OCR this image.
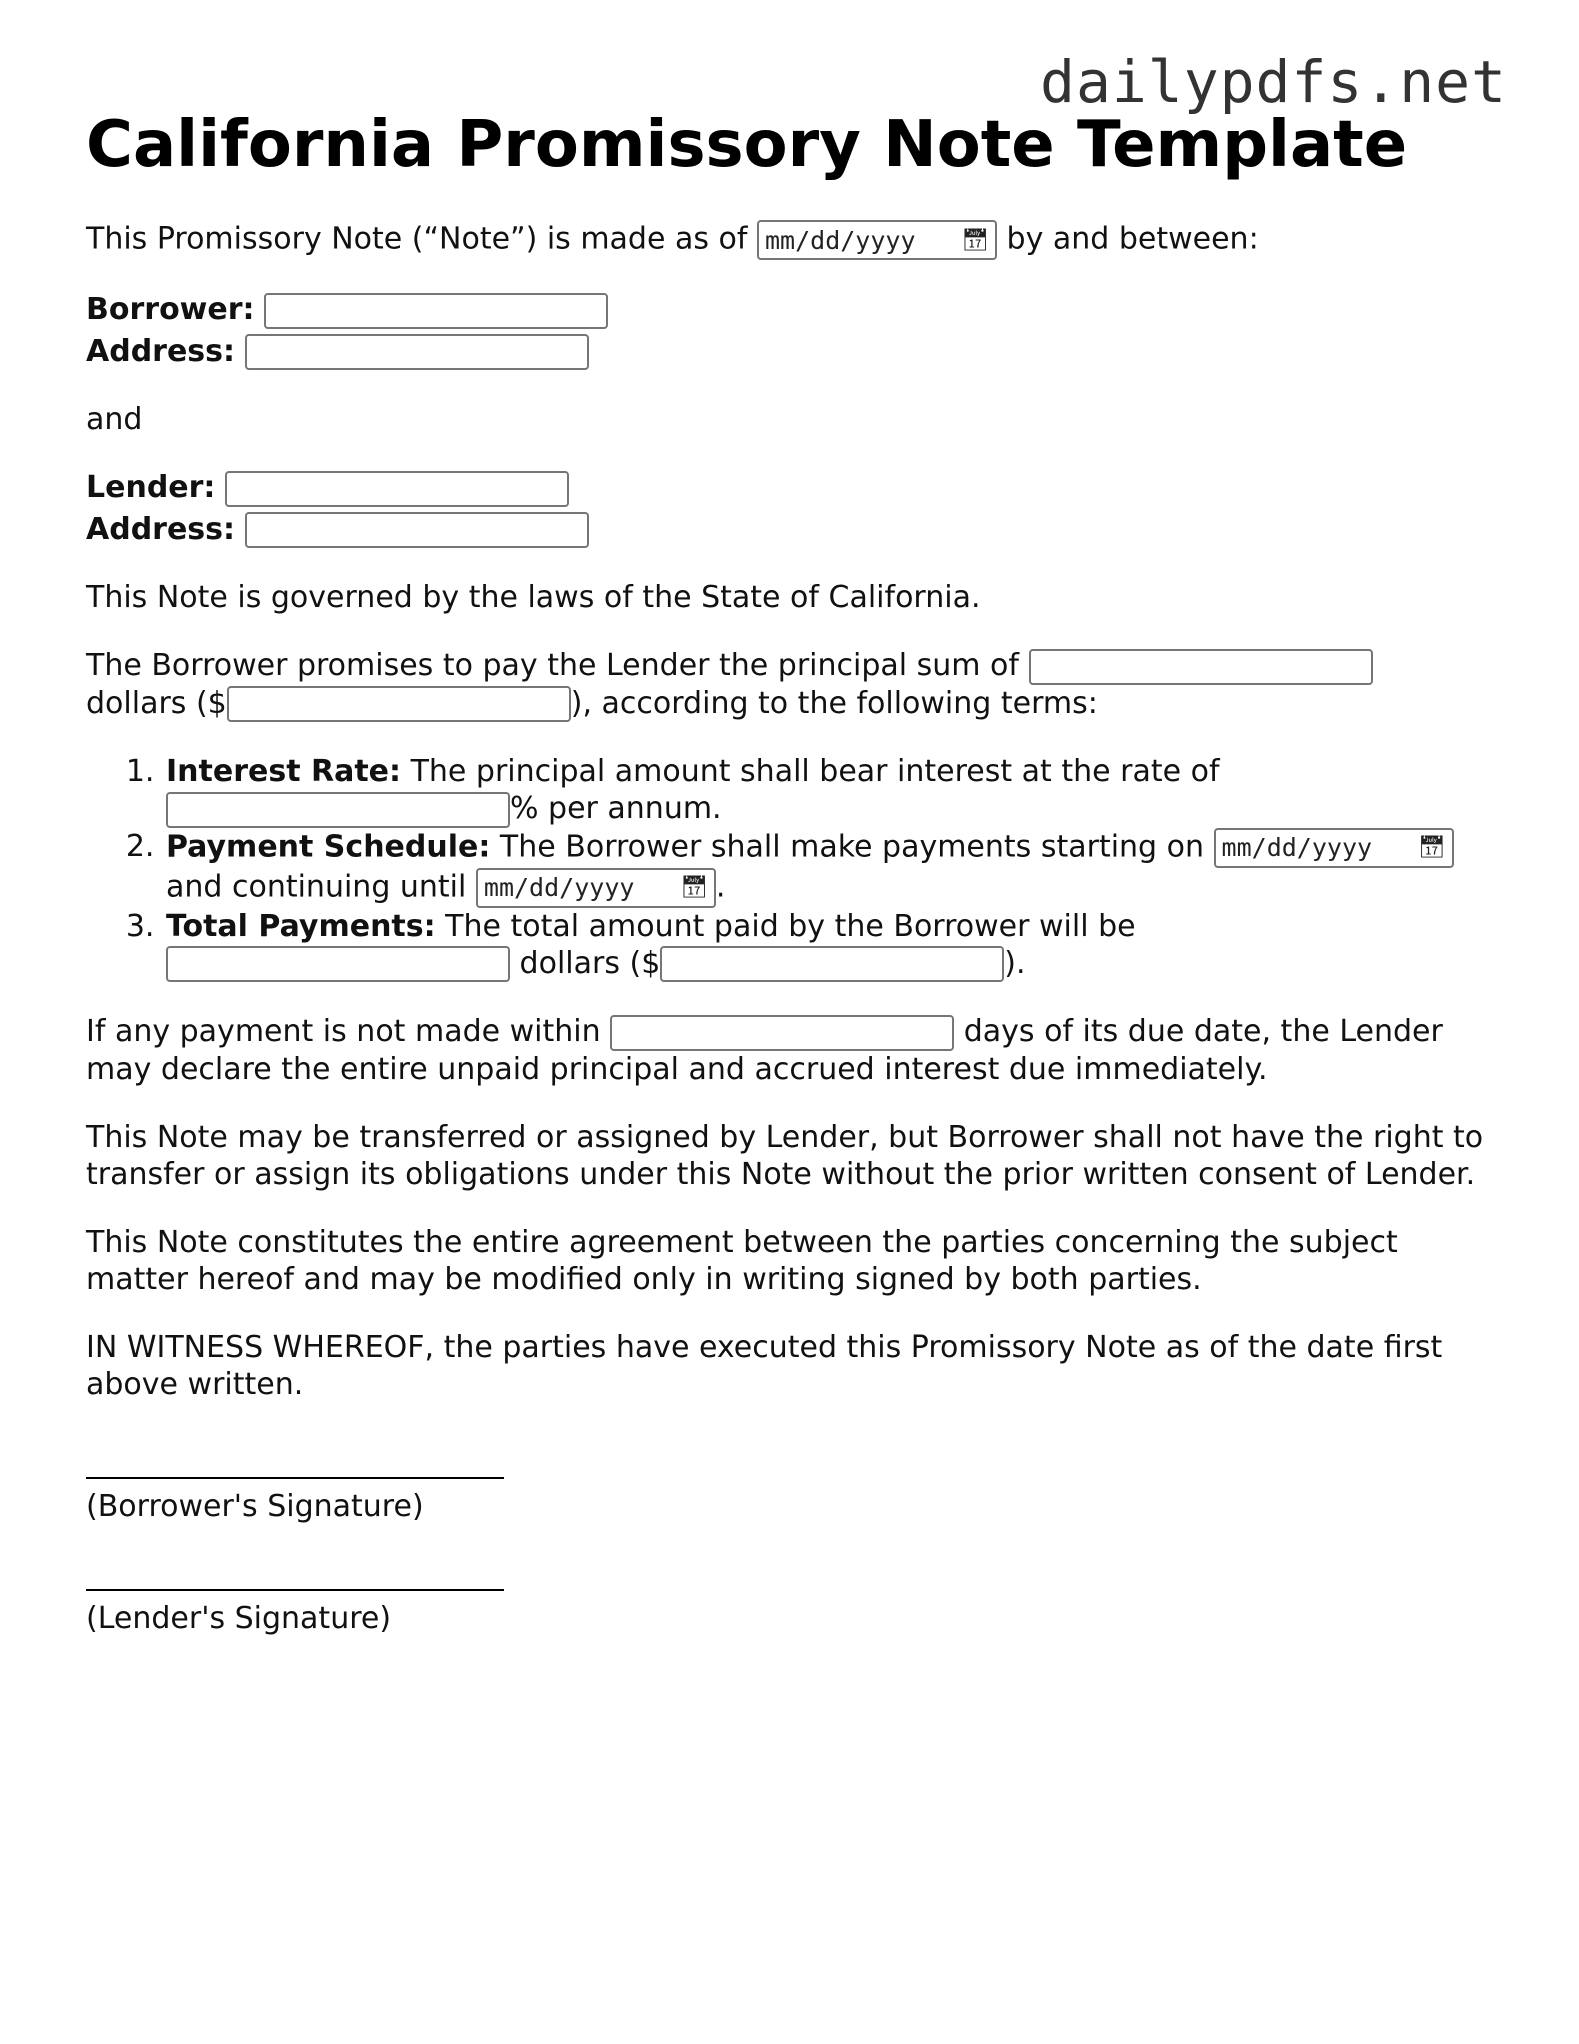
dailypdfs.net
California Promissory Note Template

This Promissory Note (“Note”) is made as of mm/dd/yyyy 📅︎ by and between:

Borrower:
Address:

and

Lender:
Address:

This Note is governed by the laws of the State of California.

The Borrower promises to pay the Lender the principal sum of
dollars ($	), according to the following terms:

1. Interest Rate: The principal amount shall bear interest at the rate of
% per annum.
2. Payment Schedule: The Borrower shall make payments starting on mm/dd/yyyy 📅︎

and continuing until mm/dd/yyyy 📅︎ .
3. Total Payments: The total amount paid by the Borrower will be
dollars ($	).

If any payment is not made within	days of its due date, the Lender may declare the entire unpaid principal and accrued interest due immediately.

This Note may be transferred or assigned by Lender, but Borrower shall not have the right to transfer or assign its obligations under this Note without the prior written consent of Lender.

This Note constitutes the entire agreement between the parties concerning the subject matter hereof and may be modified only in writing signed by both parties.

IN WITNESS WHEREOF, the parties have executed this Promissory Note as of the date first above written.

(Borrower's Signature)

(Lender's Signature)
